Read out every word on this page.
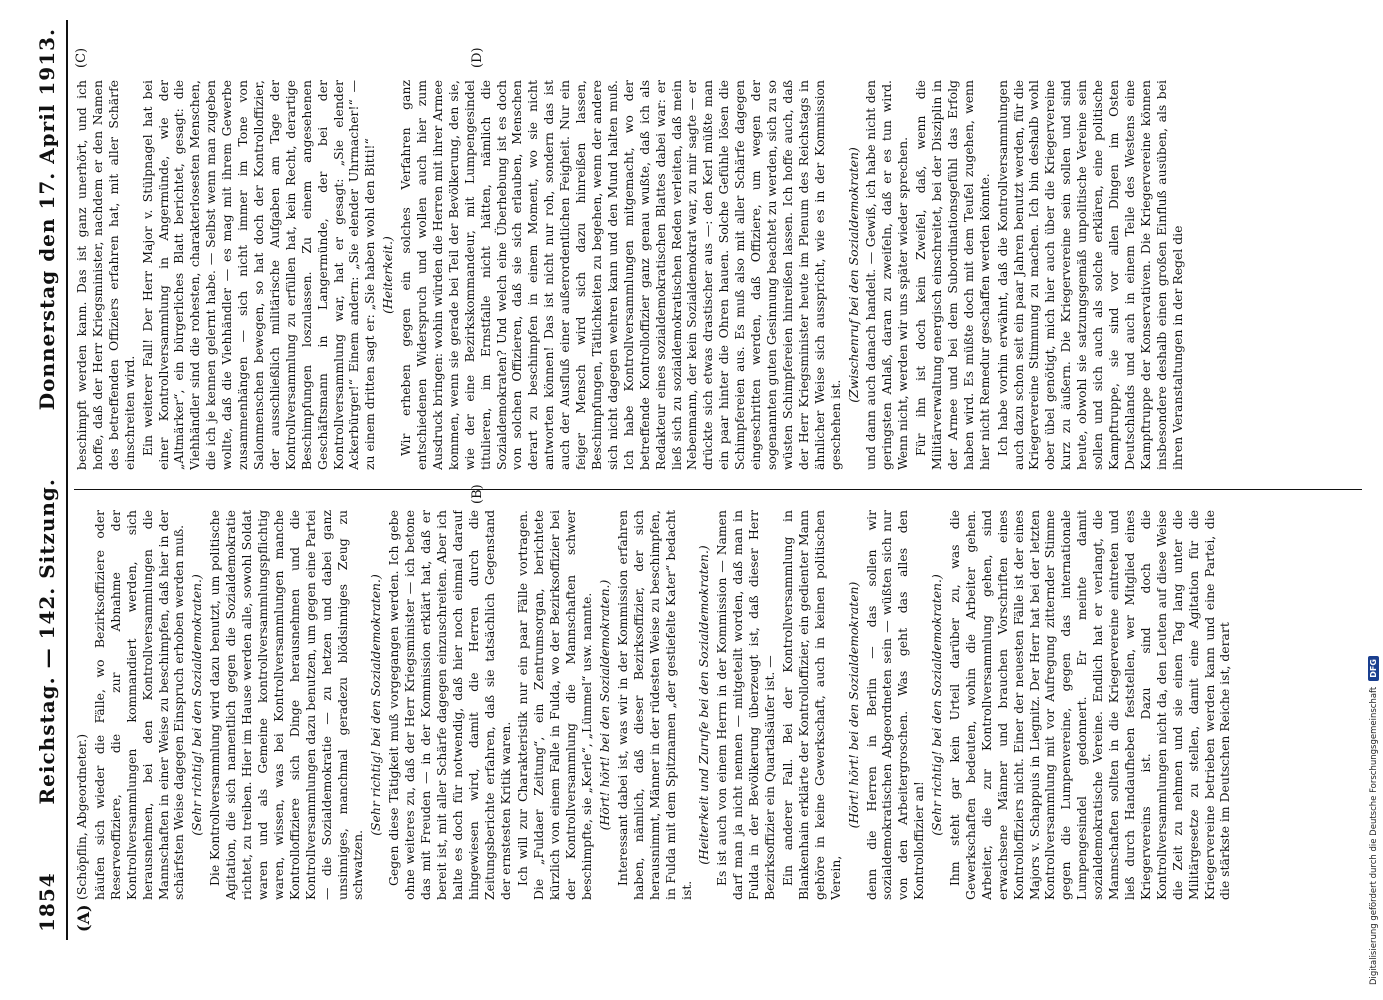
1854
Reichstag. — 142. Sitzung.
Donnerstag den 17. April 1913.
(A)
(B)
(C)	(D)

(Schöpflin, Abgeordneter.) häufen sich wieder die Fälle, wo Bezirksoffiziere oder Reserveoffiziere, die zur Abnahme der Kontrollversammlungen kommandiert werden, sich herausnehmen, bei den Kontrollversammlungen die Mannschaften in einer Weise zu beschimpfen, daß hier in der schärfsten Weise dagegen Einspruch erhoben werden muß. (Sehr richtig! bei den Sozialdemokraten.) Die Kontrollversammlung wird dazu benutzt, um politische Agitation, die sich namentlich gegen die Sozialdemokratie richtet, zu treiben. Hier im Hause werden alle, sowohl Soldat waren und als Gemeine kontrollversammlungspflichtig waren, wissen, was bei Kontrollversammlungen manche Kontrolloffiziere sich Dinge herausnehmen und die Kontrollversammlungen dazu benutzen, um gegen eine Partei — die Sozialdemokratie — zu hetzen und dabei ganz unsinniges, manchmal geradezu blödsinniges Zeug zu schwatzen.

(Sehr richtig! bei den Sozialdemokraten.) Gegen diese Tätigkeit muß vorgegangen werden. Ich gebe ohne weiteres zu, daß der Herr Kriegsminister — ich betone das mit Freuden — in der Kommission erklärt hat, daß er bereit ist, mit aller Schärfe dagegen einzuschreiten. Aber ich halte es doch für notwendig, daß hier noch einmal darauf hingewiesen wird, damit die Herren durch die Zeitungsberichte erfahren, daß sie tatsächlich Gegenstand der ernstesten Kritik waren. Ich will zur Charakteristik nur ein paar Fälle vortragen. Die „Fuldaer Zeitung“, ein Zentrumsorgan, berichtete kürzlich von einem Falle in Fulda, wo der Bezirksoffizier bei der Kontrollversammlung die Mannschaften schwer beschimpfte, sie „Kerle“, „Lümmel“ usw. nannte. (Hört! hört! bei den Sozialdemokraten.) Interessant dabei ist, was wir in der Kommission erfahren haben, nämlich, daß dieser Bezirksoffizier, der sich herausnimmt, Männer in der rüdesten Weise zu beschimpfen, in Fulda mit dem Spitznamen „der gestiefelte Kater“ bedacht ist.

(Heiterkeit und Zurufe bei den Sozialdemokraten.) Es ist auch von einem Herrn in der Kommission — Namen darf man ja nicht nennen — mitgeteilt worden, daß man in Fulda in der Bevölkerung überzeugt ist, daß dieser Herr Bezirksoffizier ein Quartalsäufer ist. — Ein anderer Fall. Bei der Kontrollversammlung in Blankenhain erklärte der Kontrolloffizier, ein gedienter Mann gehöre in keine Gewerkschaft, auch in keinen politischen Verein,

(Hört! hört! bei den Sozialdemokraten) denn die Herren in Berlin — das sollen wir sozialdemokratischen Abgeordneten sein — wüßten sich nur von den Arbeitergroschen. Was geht das alles den Kontrolloffizier an!

(Sehr richtig! bei den Sozialdemokraten.) Ihm steht gar kein Urteil darüber zu, was die Gewerkschaften bedeuten, wohin die Arbeiter gehen. Arbeiter, die zur Kontrollversammlung gehen, sind erwachsene Männer und brauchen Vorschriften eines Kontrolloffiziers nicht. Einer der neuesten Fälle ist der eines Majors v. Schappuis in Liegnitz. Der Herr hat bei der letzten Kontrollversammlung mit vor Aufregung zitternder Stimme gegen die Lumpenvereine, gegen das internationale Lumpengesindel gedonnert. Er meinte damit sozialdemokratische Vereine. Endlich hat er verlangt, die Mannschaften sollten in die Kriegervereine eintreten und ließ durch Handaufheben feststellen, wer Mitglied eines Kriegervereins ist. Dazu sind doch die Kontrollversammlungen nicht da, den Leuten auf diese Weise die Zeit zu nehmen und sie einen Tag lang unter die Militärgesetze zu stellen, damit eine Agitation für die Kriegervereine betrieben werden kann und eine Partei, die die stärkste im Deutschen Reiche ist, derart

beschimpft werden kann. Das ist ganz unerhört, und ich hoffe, daß der Herr Kriegsminister, nachdem er den Namen des betreffenden Offiziers erfahren hat, mit aller Schärfe einschreiten wird. Ein weiterer Fall! Der Herr Major v. Stülpnagel hat bei einer Kontrollversammlung in Angermünde, wie der „Altmärker“, ein bürgerliches Blatt berichtet, gesagt: die Viehhändler sind die rohesten, charakterlosesten Menschen, die ich je kennen gelernt habe. — Selbst wenn man zugeben wollte, daß die Viehhändler — es mag mit ihrem Gewerbe zusammenhängen — sich nicht immer im Tone von Salonmenschen bewegen, so hat doch der Kontrolloffizier, der ausschließlich militärische Aufgaben am Tage der Kontrollversammlung zu erfüllen hat, kein Recht, derartige Beschimpfungen loszulassen. Zu einem angesehenen Geschäftsmann in Langermünde, der bei der Kontrollversammlung war, hat er gesagt: „Sie elender Ackerbürger!“ Einem andern: „Sie elender Uhrmacher!“ — zu einem dritten sagt er: „Sie haben wohl den Bitti!“ (Heiterkeit.) Wir erheben gegen ein solches Verfahren ganz entschiedenen Widerspruch und wollen auch hier zum Ausdruck bringen: wohin würden die Herren mit ihrer Armee kommen, wenn sie gerade bei Teil der Bevölkerung, den sie, wie der eine Bezirkskommandeur, mit Lumpengesindel titulieren, im Ernstfalle nicht hätten, nämlich die Sozialdemokraten? Und welch eine Überhebung ist es doch von solchen Offizieren, daß sie sich erlauben, Menschen derart zu beschimpfen in einem Moment, wo sie nicht antworten können! Das ist nicht nur roh, sondern das ist auch der Ausfluß einer außerordentlichen Feigheit. Nur ein feiger Mensch wird sich dazu hinreißen lassen, Beschimpfungen, Tätlichkeiten zu begehen, wenn der andere sich nicht dagegen wehren kann und den Mund halten muß. Ich habe Kontrollversammlungen mitgemacht, wo der betreffende Kontrolloffizier ganz genau wußte, daß ich als Redakteur eines sozialdemokratischen Blattes dabei war: er ließ sich zu sozialdemokratischen Reden verleiten, daß mein Nebenmann, der kein Sozialdemokrat war, zu mir sagte — er drückte sich etwas drastischer aus —: den Kerl müßte man ein paar hinter die Ohren hauen. Solche Gefühle lösen die Schimpfereien aus. Es muß also mit aller Schärfe dagegen eingeschritten werden, daß Offiziere, um wegen der sogenannten guten Gesinnung beachtet zu werden, sich zu so wüsten Schimpfereien hinreißen lassen. Ich hoffe auch, daß der Herr Kriegsminister heute im Plenum des Reichstags in ähnlicher Weise sich ausspricht, wie es in der Kommission geschehen ist.

(Zwischenruf bei den Sozialdemokraten) und dann auch danach handelt. — Gewiß, ich habe nicht den geringsten Anlaß, daran zu zweifeln, daß er es tun wird. Wenn nicht, werden wir uns später wieder sprechen. Für ihn ist doch kein Zweifel, daß, wenn die Militärverwaltung energisch einschreitet, bei der Disziplin in der Armee und bei dem Subordinationsgefühl das Erfolg haben wird. Es müßte doch mit dem Teufel zugehen, wenn hier nicht Remedur geschaffen werden könnte. Ich habe vorhin erwähnt, daß die Kontrollversammlungen auch dazu schon seit ein paar Jahren benutzt werden, für die Kriegervereine Stimmung zu machen. Ich bin deshalb wohl ober übel genötigt, mich hier auch über die Kriegervereine kurz zu äußern. Die Kriegervereine sein sollen und sind heute, obwohl sie satzungsgemäß unpolitische Vereine sein sollen und sich auch als solche erklären, eine politische Kampftruppe, sie sind vor allen Dingen im Osten Deutschlands und auch in einem Teile des Westens eine Kampftruppe der Konservativen. Die Kriegervereine können insbesondere deshalb einen großen Einfluß ausüben, als bei ihren Veranstaltungen in der Regel die

Digitalisierung gefördert durch die Deutsche Forschungsgemeinschaft
DFG
